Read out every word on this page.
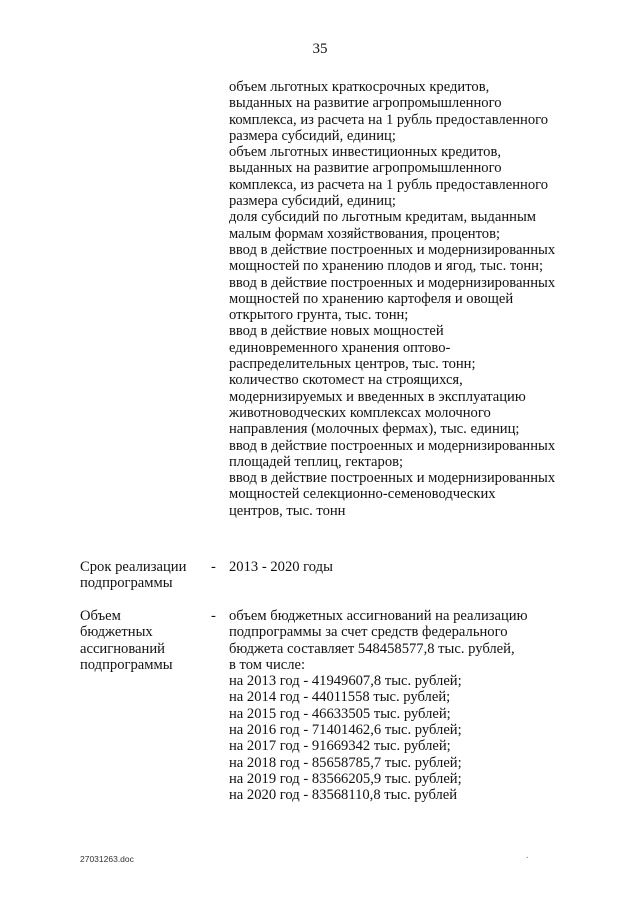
35
объем льготных краткосрочных кредитов,
выданных на развитие агропромышленного
комплекса, из расчета на 1 рубль предоставленного
размера субсидий, единиц;
объем льготных инвестиционных кредитов,
выданных на развитие агропромышленного
комплекса, из расчета на 1 рубль предоставленного
размера субсидий, единиц;
доля субсидий по льготным кредитам, выданным
малым формам хозяйствования, процентов;
ввод в действие построенных и модернизированных
мощностей по хранению плодов и ягод, тыс. тонн;
ввод в действие построенных и модернизированных
мощностей по хранению картофеля и овощей
открытого грунта, тыс. тонн;
ввод в действие новых мощностей
единовременного хранения оптово-
распределительных центров, тыс. тонн;
количество скотомест на строящихся,
модернизируемых и введенных в эксплуатацию
животноводческих комплексах молочного
направления (молочных фермах), тыс. единиц;
ввод в действие построенных и модернизированных
площадей теплиц, гектаров;
ввод в действие построенных и модернизированных
мощностей селекционно-семеноводческих
центров, тыс. тонн
Срок реализации
подпрограммы
- 2013 - 2020 годы
Объем
бюджетных
ассигнований
подпрограммы
- объем бюджетных ассигнований на реализацию
подпрограммы за счет средств федерального
бюджета составляет 548458577,8 тыс. рублей,
в том числе:
на 2013 год - 41949607,8 тыс. рублей;
на 2014 год - 44011558 тыс. рублей;
на 2015 год - 46633505 тыс. рублей;
на 2016 год - 71401462,6 тыс. рублей;
на 2017 год - 91669342 тыс. рублей;
на 2018 год - 85658785,7 тыс. рублей;
на 2019 год - 83566205,9 тыс. рублей;
на 2020 год - 83568110,8 тыс. рублей
27031263.doc	.
